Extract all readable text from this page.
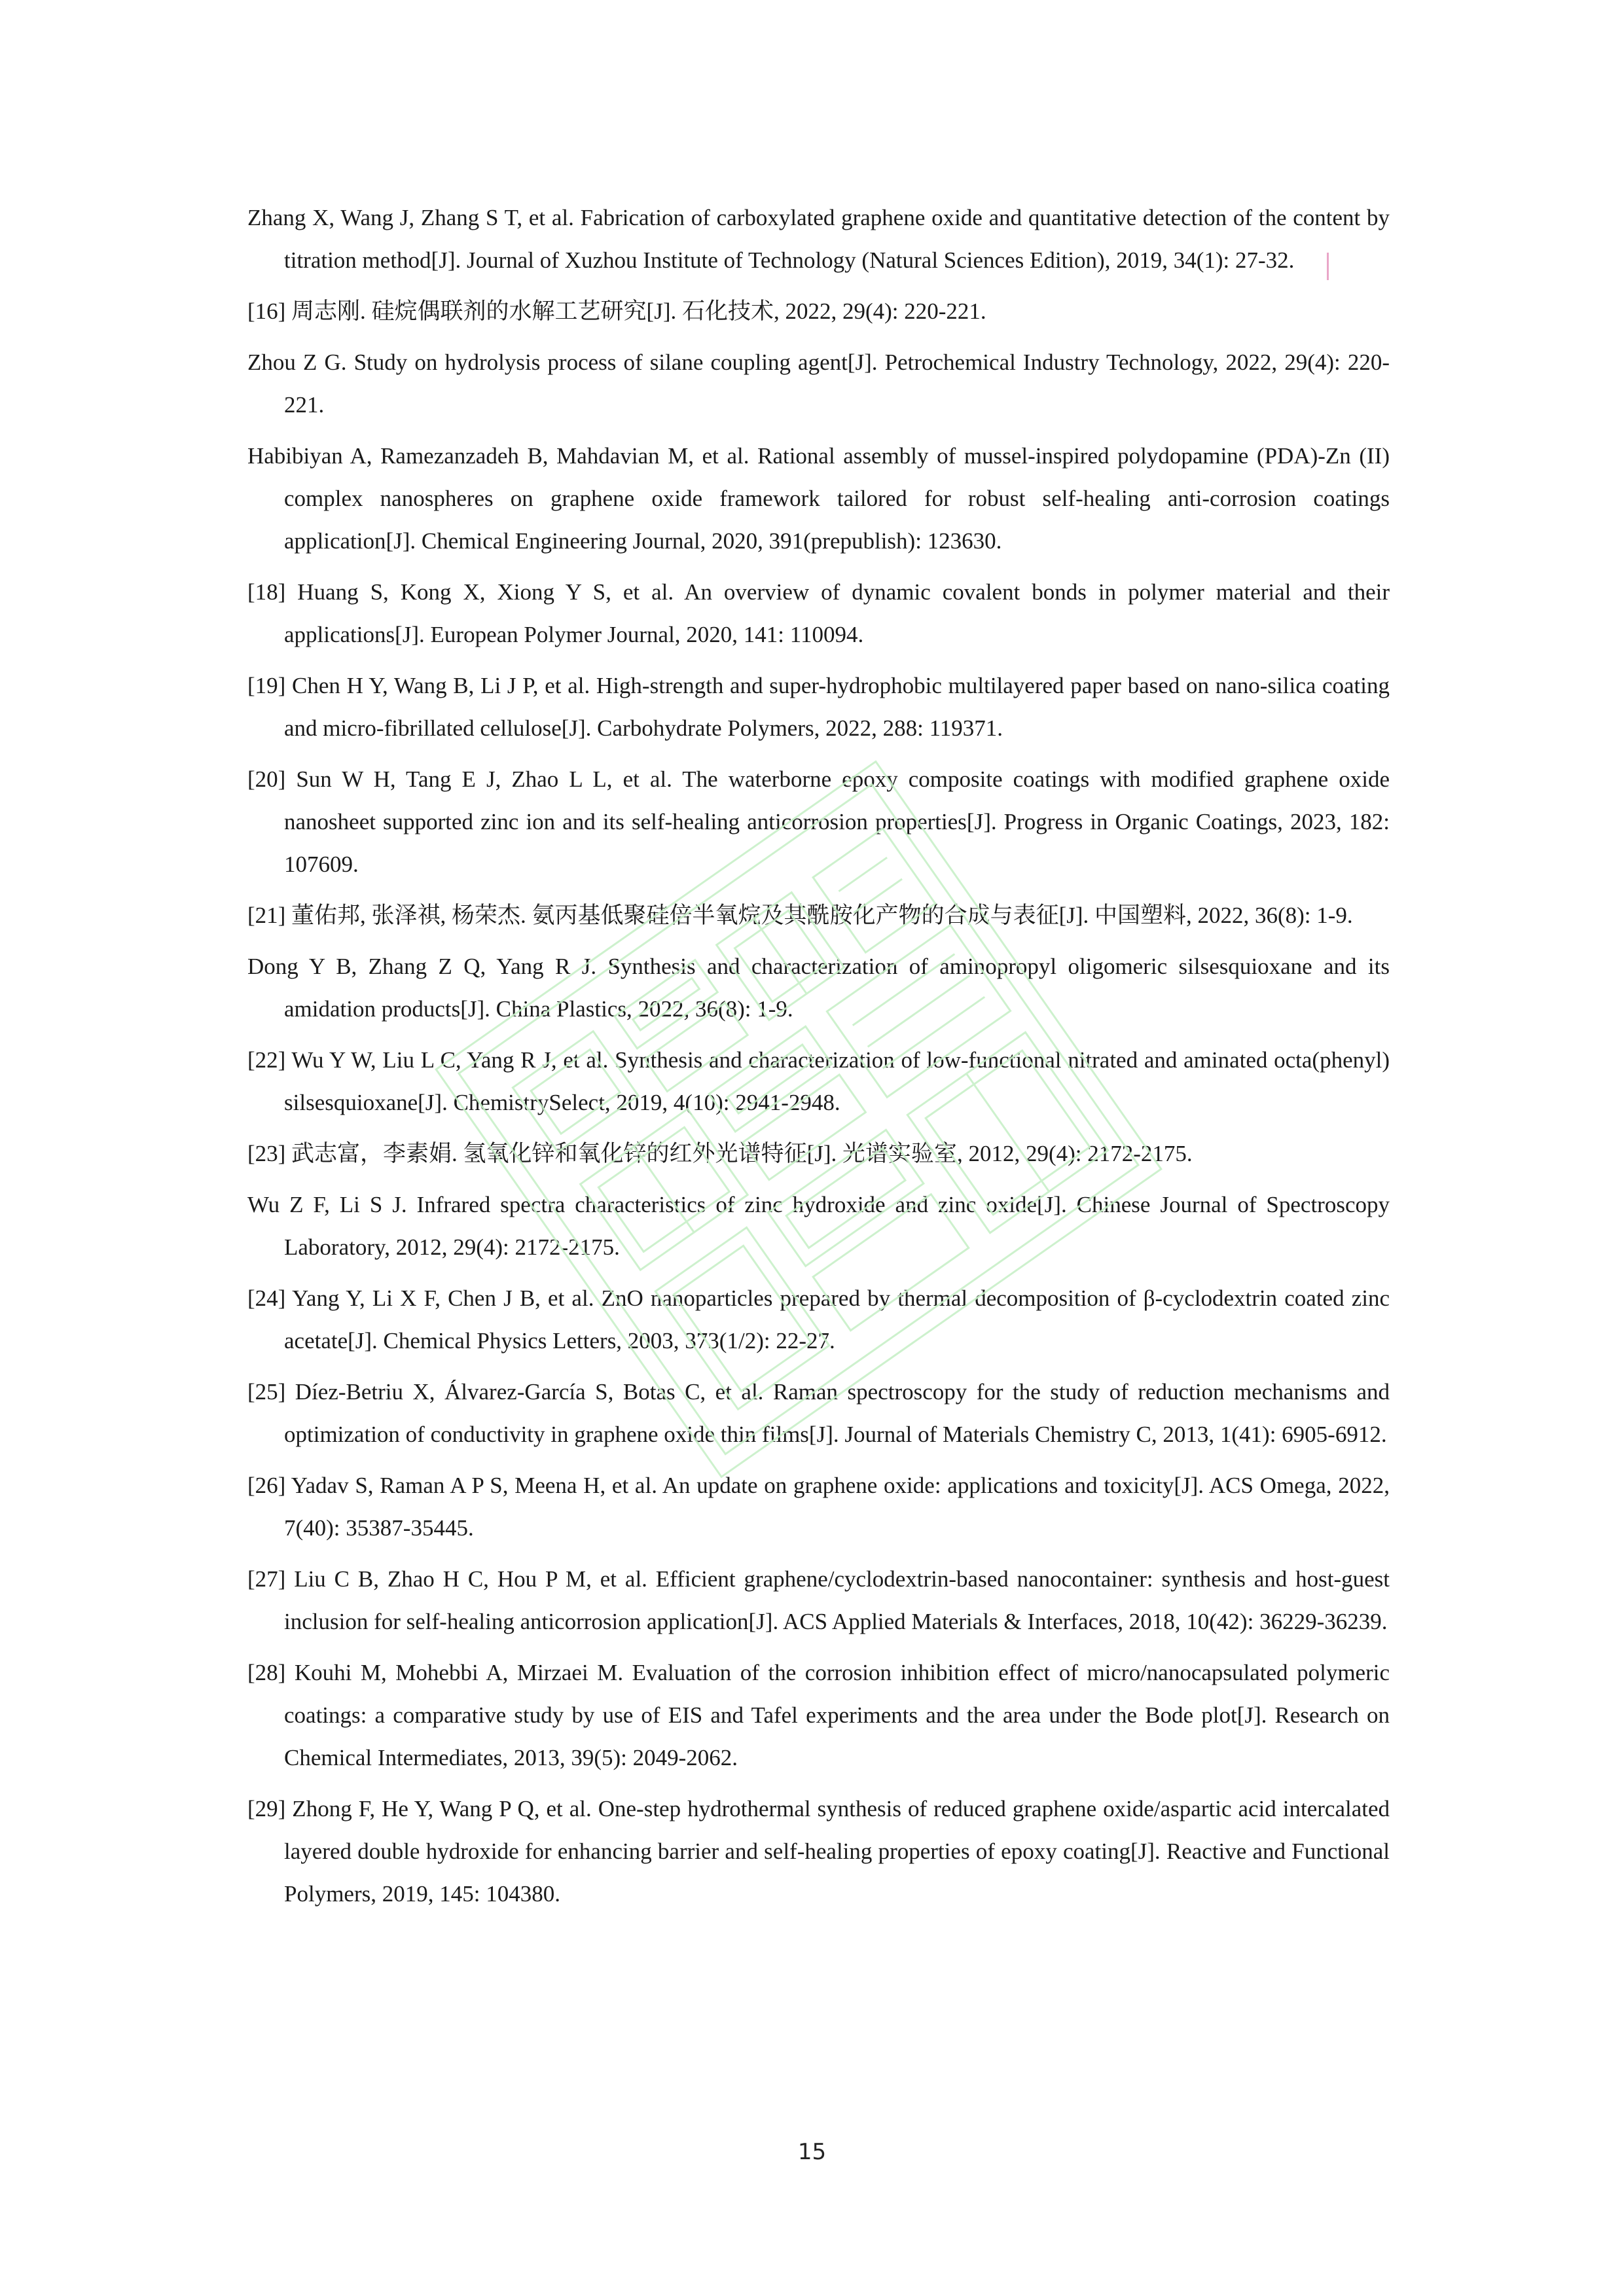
Zhang X, Wang J, Zhang S T, et al. Fabrication of carboxylated graphene oxide and quantitative detection of the content by titration method[J]. Journal of Xuzhou Institute of Technology (Natural Sciences Edition), 2019, 34(1): 27-32.

[16] 周志刚. 硅烷偶联剂的水解工艺研究[J]. 石化技术, 2022, 29(4): 220-221.

Zhou Z G. Study on hydrolysis process of silane coupling agent[J]. Petrochemical Industry Technology, 2022, 29(4): 220-221.

Habibiyan A, Ramezanzadeh B, Mahdavian M, et al. Rational assembly of mussel-inspired polydopamine (PDA)-Zn (II) complex nanospheres on graphene oxide framework tailored for robust self-healing anti-corrosion coatings application[J]. Chemical Engineering Journal, 2020, 391(prepublish): 123630.

[18] Huang S, Kong X, Xiong Y S, et al. An overview of dynamic covalent bonds in polymer material and their applications[J]. European Polymer Journal, 2020, 141: 110094.

[19] Chen H Y, Wang B, Li J P, et al. High-strength and super-hydrophobic multilayered paper based on nano-silica coating and micro-fibrillated cellulose[J]. Carbohydrate Polymers, 2022, 288: 119371.

[20] Sun W H, Tang E J, Zhao L L, et al. The waterborne epoxy composite coatings with modified graphene oxide nanosheet supported zinc ion and its self-healing anticorrosion properties[J]. Progress in Organic Coatings, 2023, 182: 107609.

[21] 董佑邦, 张泽祺, 杨荣杰. 氨丙基低聚硅倍半氧烷及其酰胺化产物的合成与表征[J]. 中国塑料, 2022, 36(8): 1-9.

Dong Y B, Zhang Z Q, Yang R J. Synthesis and characterization of aminopropyl oligomeric silsesquioxane and its amidation products[J]. China Plastics, 2022, 36(8): 1-9.

[22] Wu Y W, Liu L C, Yang R J, et al. Synthesis and characterization of low-functional nitrated and aminated octa(phenyl) silsesquioxane[J]. ChemistrySelect, 2019, 4(10): 2941-2948.

[23] 武志富，李素娟. 氢氧化锌和氧化锌的红外光谱特征[J]. 光谱实验室, 2012, 29(4): 2172-2175.

Wu Z F, Li S J. Infrared spectra characteristics of zinc hydroxide and zinc oxide[J]. Chinese Journal of Spectroscopy Laboratory, 2012, 29(4): 2172-2175.

[24] Yang Y, Li X F, Chen J B, et al. ZnO nanoparticles prepared by thermal decomposition of β-cyclodextrin coated zinc acetate[J]. Chemical Physics Letters, 2003, 373(1/2): 22-27.

[25] Díez-Betriu X, Álvarez-García S, Botas C, et al. Raman spectroscopy for the study of reduction mechanisms and optimization of conductivity in graphene oxide thin films[J]. Journal of Materials Chemistry C, 2013, 1(41): 6905-6912.

[26] Yadav S, Raman A P S, Meena H, et al. An update on graphene oxide: applications and toxicity[J]. ACS Omega, 2022, 7(40): 35387-35445.

[27] Liu C B, Zhao H C, Hou P M, et al. Efficient graphene/cyclodextrin-based nanocontainer: synthesis and host-guest inclusion for self-healing anticorrosion application[J]. ACS Applied Materials & Interfaces, 2018, 10(42): 36229-36239.

[28] Kouhi M, Mohebbi A, Mirzaei M. Evaluation of the corrosion inhibition effect of micro/nanocapsulated polymeric coatings: a comparative study by use of EIS and Tafel experiments and the area under the Bode plot[J]. Research on Chemical Intermediates, 2013, 39(5): 2049-2062.

[29] Zhong F, He Y, Wang P Q, et al. One-step hydrothermal synthesis of reduced graphene oxide/aspartic acid intercalated layered double hydroxide for enhancing barrier and self-healing properties of epoxy coating[J]. Reactive and Functional Polymers, 2019, 145: 104380.

15
